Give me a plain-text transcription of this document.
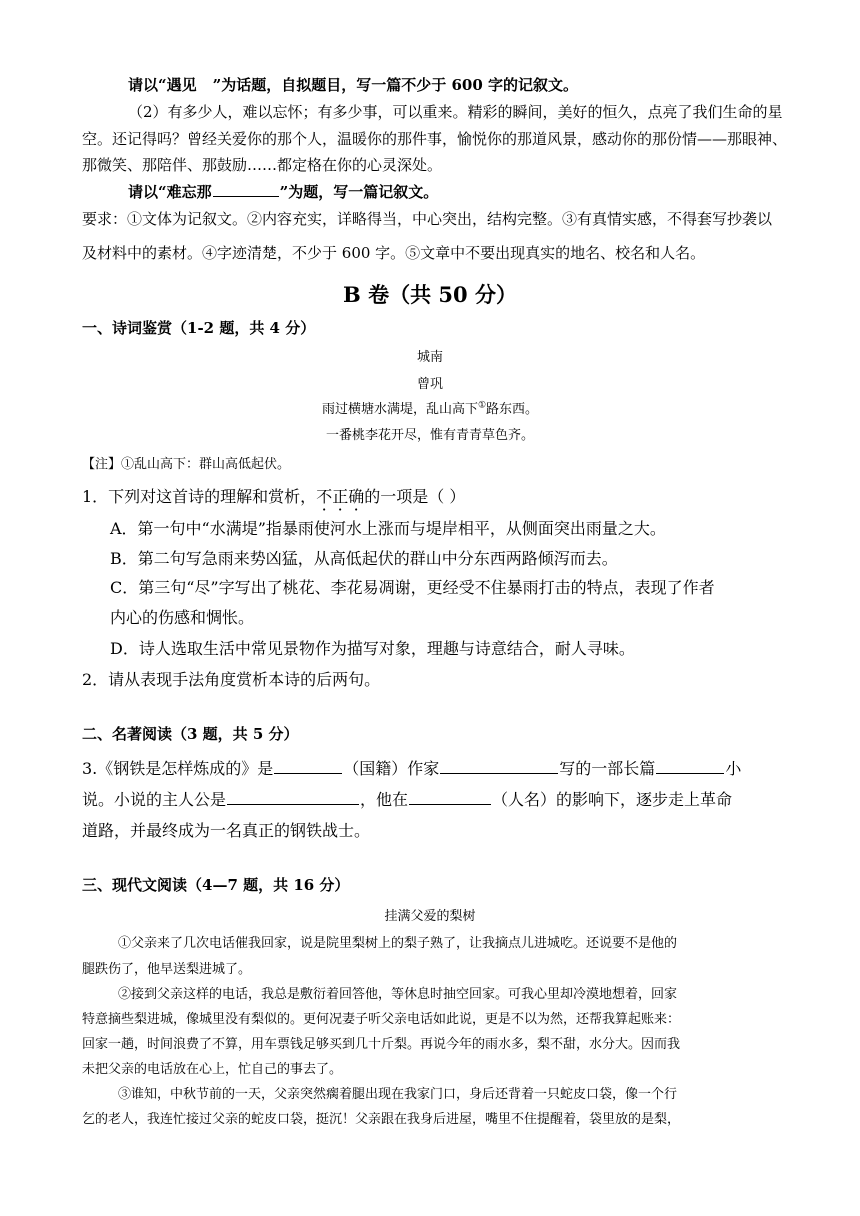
请以“遇见 ”为话题，自拟题目，写一篇不少于 600 字的记叙文。
（2）有多少人，难以忘怀；有多少事，可以重来。精彩的瞬间，美好的恒久，点亮了我们生命的星
空。还记得吗？曾经关爱你的那个人，温暖你的那件事，愉悦你的那道风景，感动你的那份情——那眼神、
那微笑、那陪伴、那鼓励……都定格在你的心灵深处。
请以“难忘那	”为题，写一篇记叙文。
要求：①文体为记叙文。②内容充实，详略得当，中心突出，结构完整。③有真情实感，不得套写抄袭以
及材料中的素材。④字迹清楚，不少于 600 字。⑤文章中不要出现真实的地名、校名和人名。
B 卷（共 50 分）
一、诗词鉴赏（1-2 题，共 4 分）
城南
曾巩
雨过横塘水满堤，乱山高下①路东西。
一番桃李花开尽，惟有青青草色齐。
【注】①乱山高下：群山高低起伏。
1．下列对这首诗的理解和赏析，不正确的一项是（ ）
A．第一句中“水满堤”指暴雨使河水上涨而与堤岸相平，从侧面突出雨量之大。
B．第二句写急雨来势凶猛，从高低起伏的群山中分东西两路倾泻而去。
C．第三句“尽”字写出了桃花、李花易凋谢，更经受不住暴雨打击的特点，表现了作者
内心的伤感和惆怅。
D．诗人选取生活中常见景物作为描写对象，理趣与诗意结合，耐人寻味。
2．请从表现手法角度赏析本诗的后两句。
二、名著阅读（3 题，共 5 分）
3.《钢铁是怎样炼成的》是	（国籍）作家	写的一部长篇	小
说。小说的主人公是	，他在	（人名）的影响下，逐步走上革命
道路，并最终成为一名真正的钢铁战士。
三、现代文阅读（4—7 题，共 16 分）
挂满父爱的梨树
①父亲来了几次电话催我回家，说是院里梨树上的梨子熟了，让我摘点儿进城吃。还说要不是他的
腿跌伤了，他早送梨进城了。
②接到父亲这样的电话，我总是敷衍着回答他，等休息时抽空回家。可我心里却冷漠地想着，回家
特意摘些梨进城，像城里没有梨似的。更何况妻子听父亲电话如此说，更是不以为然，还帮我算起账来：
回家一趟，时间浪费了不算，用车票钱足够买到几十斤梨。再说今年的雨水多，梨不甜，水分大。因而我
未把父亲的电话放在心上，忙自己的事去了。
③谁知，中秋节前的一天，父亲突然瘸着腿出现在我家门口，身后还背着一只蛇皮口袋，像一个行
乞的老人，我连忙接过父亲的蛇皮口袋，挺沉！父亲跟在我身后进屋，嘴里不住提醒着，袋里放的是梨，
